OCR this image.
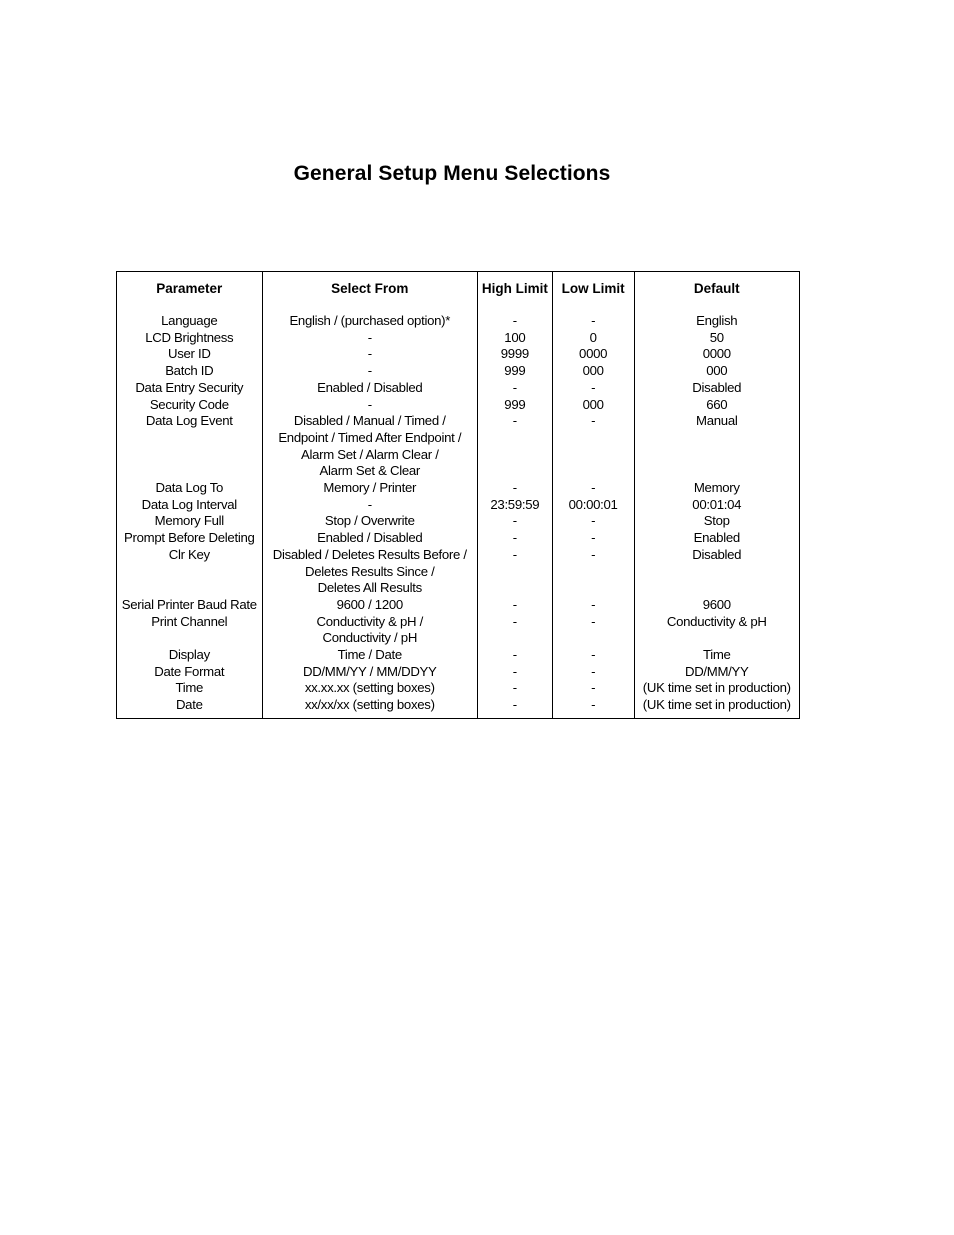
General Setup Menu Selections
Parameter
Language
LCD Brightness
User ID
Batch ID
Data Entry Security
Security Code
Data Log Event

Data Log To
Data Log Interval
Memory Full
Prompt Before Deleting
Clr Key

Serial Printer Baud Rate
Print Channel

Display
Date Format
Time
Date
Select From
English / (purchased option)*
-
-
-
Enabled / Disabled
-
Disabled / Manual / Timed /
Endpoint / Timed After Endpoint /
Alarm Set / Alarm Clear /
Alarm Set & Clear
Memory / Printer
-
Stop / Overwrite
Enabled / Disabled
Disabled / Deletes Results Before /
Deletes Results Since /
Deletes All Results
9600 / 1200
Conductivity & pH /
Conductivity / pH
Time / Date
DD/MM/YY / MM/DDYY
xx.xx.xx (setting boxes)
xx/xx/xx (setting boxes)
High Limit
-
100
9999
999
-
999
-

-
23:59:59
-
-
-

-
-

-
-
-
-
Low Limit
-
0
0000
000
-
000
-

-
00:00:01
-
-
-

-
-

-
-
-
-
Default
English
50
0000
000
Disabled
660
Manual

Memory
00:01:04
Stop
Enabled
Disabled

9600
Conductivity & pH

Time
DD/MM/YY
(UK time set in production)
(UK time set in production)
